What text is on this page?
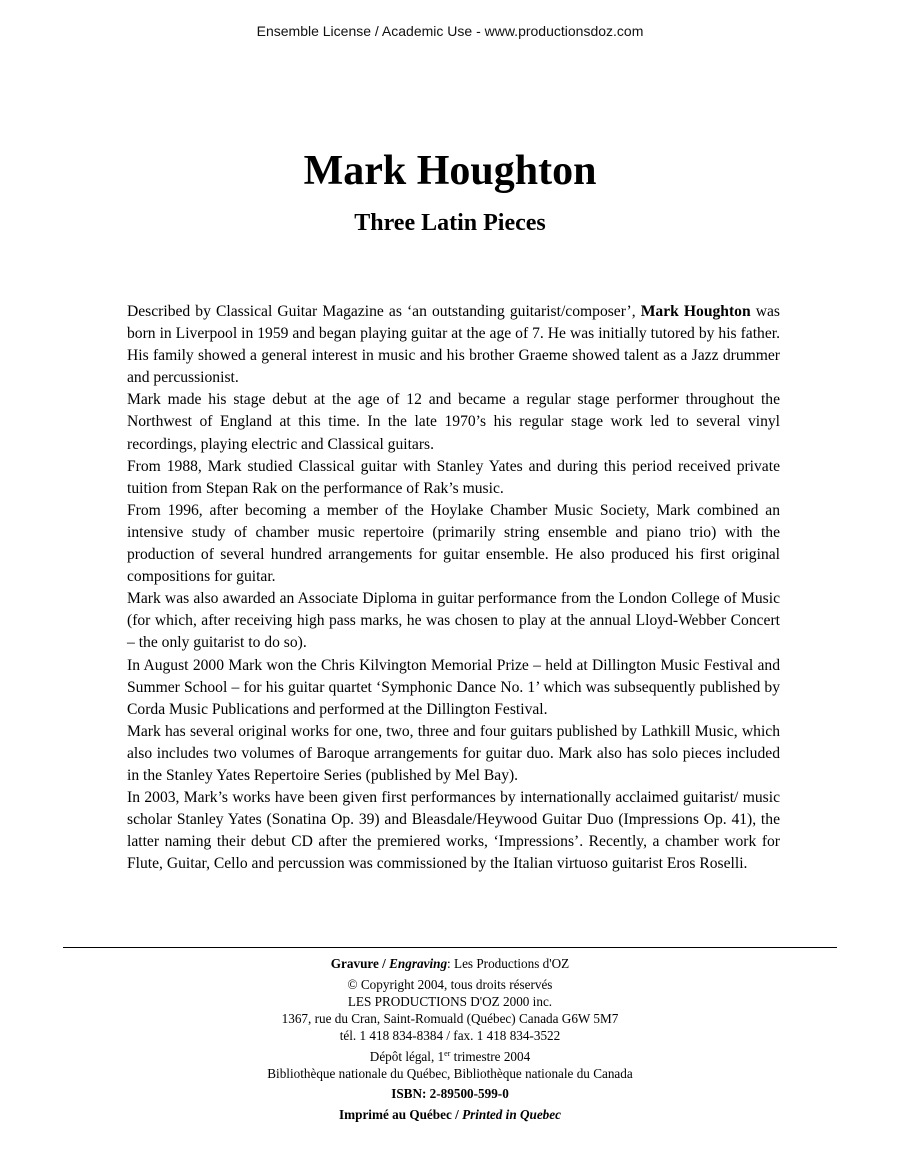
Ensemble License / Academic Use - www.productionsdoz.com
Mark Houghton
Three Latin Pieces

Described by Classical Guitar Magazine as ‘an outstanding guitarist/composer’, Mark Houghton was born in Liverpool in 1959 and began playing guitar at the age of 7. He was initially tutored by his father. His family showed a general interest in music and his brother Graeme showed talent as a Jazz drummer and percussionist.

Mark made his stage debut at the age of 12 and became a regular stage performer throughout the Northwest of England at this time. In the late 1970’s his regular stage work led to several vinyl recordings, playing electric and Classical guitars.

From 1988, Mark studied Classical guitar with Stanley Yates and during this period received private tuition from Stepan Rak on the performance of Rak’s music.

From 1996, after becoming a member of the Hoylake Chamber Music Society, Mark combined an intensive study of chamber music repertoire (primarily string ensemble and piano trio) with the production of several hundred arrangements for guitar ensemble. He also produced his first original compositions for guitar.

Mark was also awarded an Associate Diploma in guitar performance from the London College of Music (for which, after receiving high pass marks, he was chosen to play at the annual Lloyd-Webber Concert – the only guitarist to do so).

In August 2000 Mark won the Chris Kilvington Memorial Prize – held at Dillington Music Festival and Summer School – for his guitar quartet ‘Symphonic Dance No. 1’ which was subsequently published by Corda Music Publications and performed at the Dillington Festival.

Mark has several original works for one, two, three and four guitars published by Lathkill Music, which also includes two volumes of Baroque arrangements for guitar duo. Mark also has solo pieces included in the Stanley Yates Repertoire Series (published by Mel Bay).

In 2003, Mark’s works have been given first performances by internationally acclaimed guitarist/ music scholar Stanley Yates (Sonatina Op. 39) and Bleasdale/Heywood Guitar Duo (Impressions Op. 41), the latter naming their debut CD after the premiered works, ‘Impressions’. Recently, a chamber work for Flute, Guitar, Cello and percussion was commissioned by the Italian virtuoso guitarist Eros Roselli.

Gravure / Engraving: Les Productions d'OZ
© Copyright 2004, tous droits réservés
LES PRODUCTIONS D'OZ 2000 inc.
1367, rue du Cran, Saint-Romuald (Québec) Canada G6W 5M7
tél. 1 418 834-8384 / fax. 1 418 834-3522
Dépôt légal, 1er trimestre 2004
Bibliothèque nationale du Québec, Bibliothèque nationale du Canada
ISBN: 2-89500-599-0
Imprimé au Québec / Printed in Quebec
